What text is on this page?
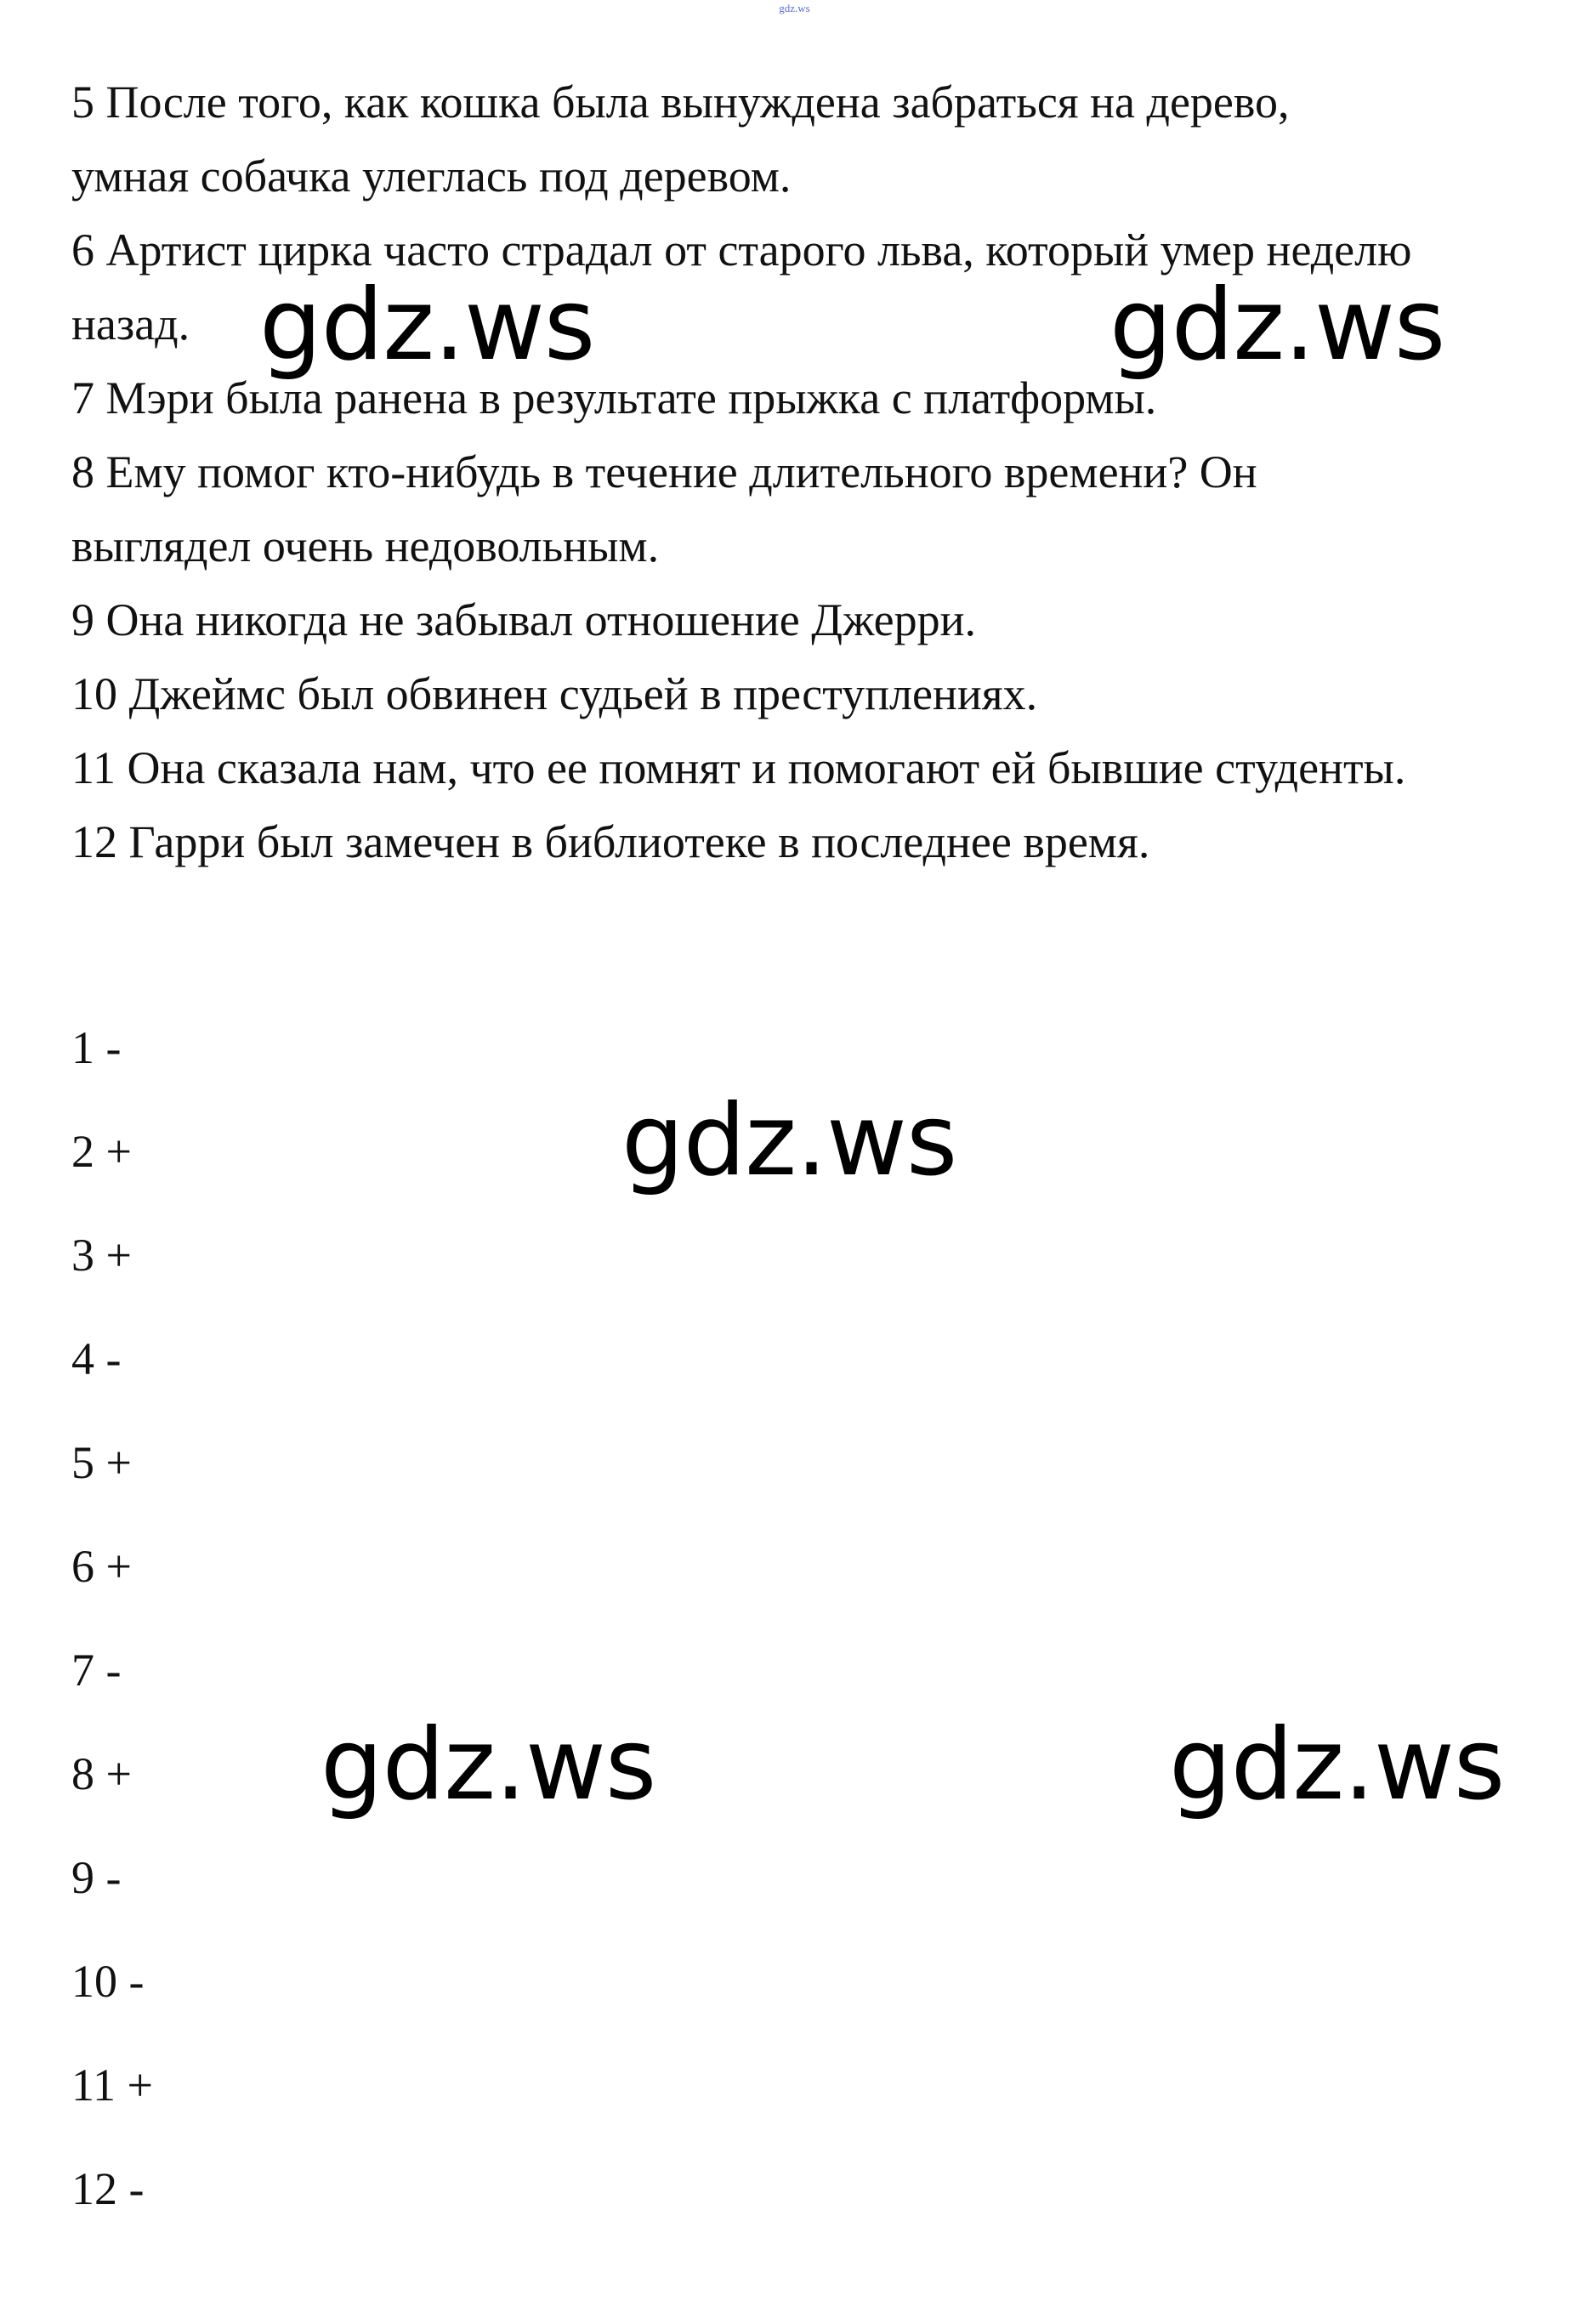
gdz.ws
5 После того, как кошка была вынуждена забраться на дерево,
умная собачка улеглась под деревом.
6 Артист цирка часто страдал от старого льва, который умер неделю
назад.
7 Мэри была ранена в результате прыжка с платформы.
8 Ему помог кто-нибудь в течение длительного времени? Он
выглядел очень недовольным.
9 Она никогда не забывал отношение Джерри.
10 Джеймс был обвинен судьей в преступлениях.
11 Она сказала нам, что ее помнят и помогают ей бывшие студенты.
12 Гарри был замечен в библиотеке в последнее время.
1 -
2 +
3 +
4 -
5 +
6 +
7 -
8 +
9 -
10 -
11 +
12 -
gdz.ws	gdz.ws
gdz.ws
gdz.ws	gdz.ws
